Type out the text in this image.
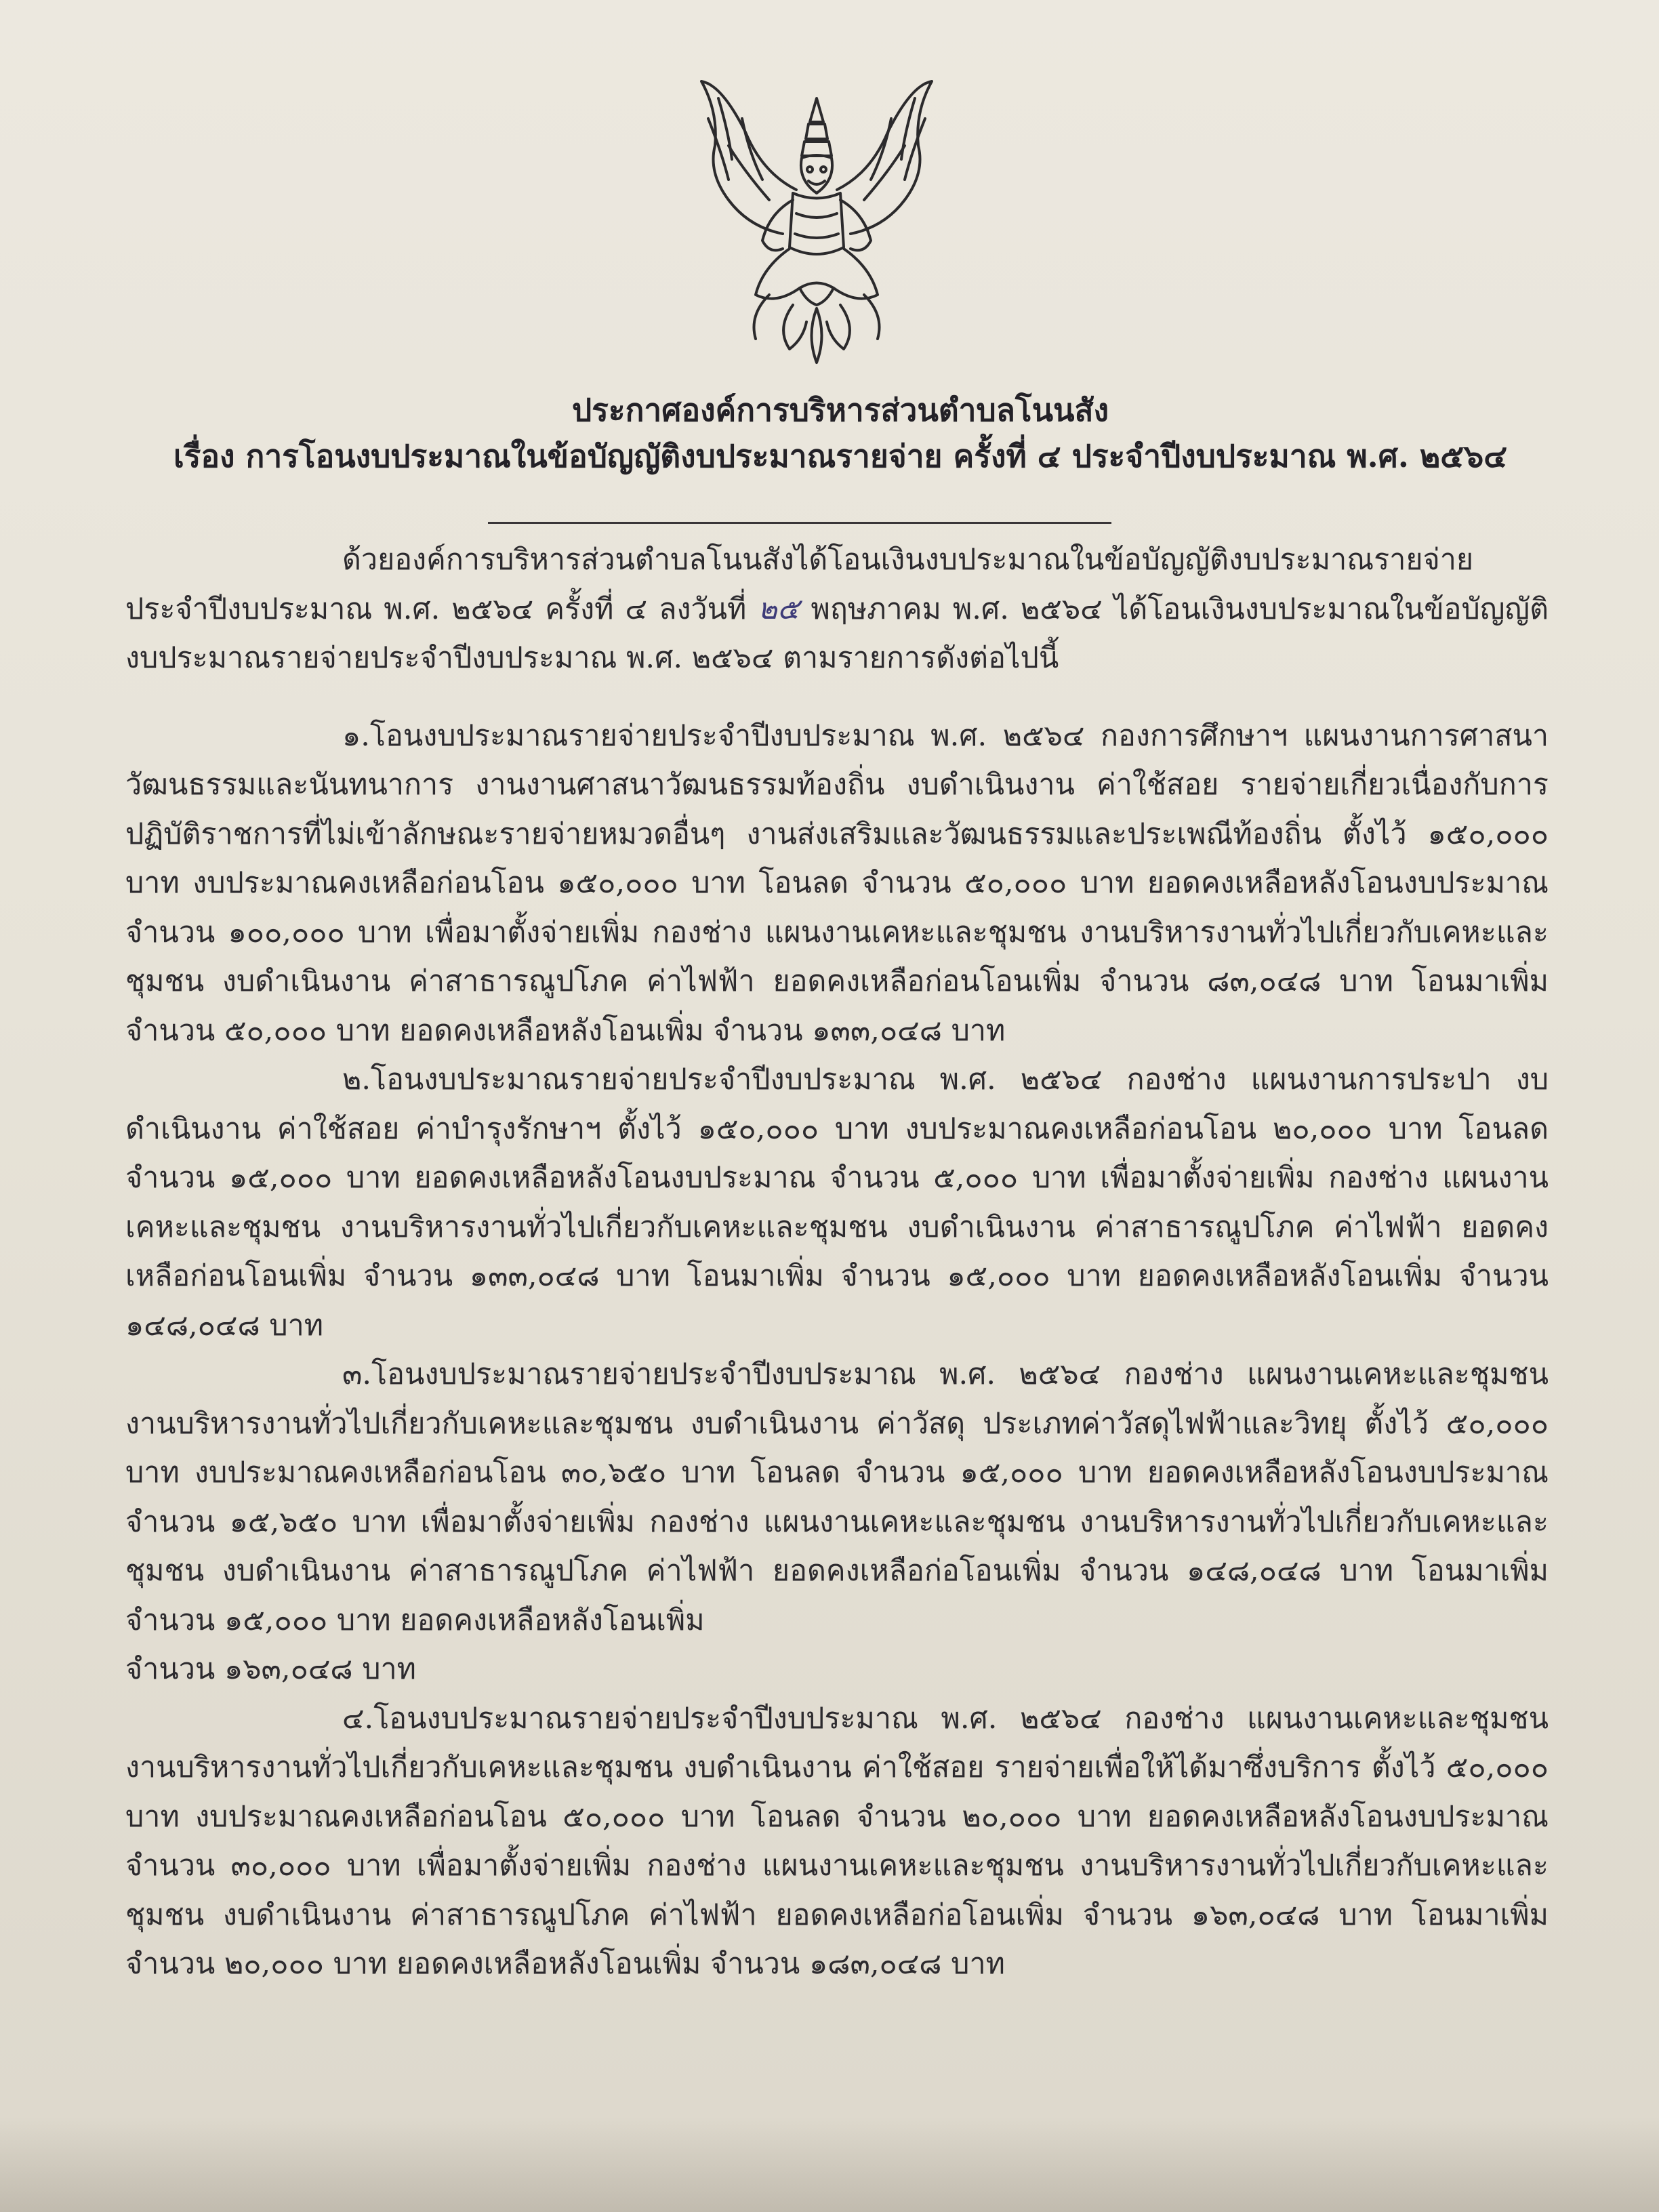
ประกาศองค์การบริหารส่วนตำบลโนนสัง
เรื่อง การโอนงบประมาณในข้อบัญญัติงบประมาณรายจ่าย ครั้งที่ ๔ ประจำปีงบประมาณ พ.ศ. ๒๕๖๔

ด้วยองค์การบริหารส่วนตำบลโนนสังได้โอนเงินงบประมาณในข้อบัญญัติงบประมาณรายจ่าย ประจำปีงบประมาณ พ.ศ. ๒๕๖๔ ครั้งที่ ๔ ลงวันที่ ๒๕ พฤษภาคม พ.ศ. ๒๕๖๔ ได้โอนเงินงบประมาณในข้อบัญญัติงบประมาณรายจ่ายประจำปีงบประมาณ พ.ศ. ๒๕๖๔ ตามรายการดังต่อไปนี้

๑.โอนงบประมาณรายจ่ายประจำปีงบประมาณ พ.ศ. ๒๕๖๔ กองการศึกษาฯ แผนงานการศาสนาวัฒนธรรมและนันทนาการ งานงานศาสนาวัฒนธรรมท้องถิ่น งบดำเนินงาน ค่าใช้สอย รายจ่ายเกี่ยวเนื่องกับการปฏิบัติราชการที่ไม่เข้าลักษณะรายจ่ายหมวดอื่นๆ งานส่งเสริมและวัฒนธรรมและประเพณีท้องถิ่น ตั้งไว้ ๑๕๐,๐๐๐ บาท งบประมาณคงเหลือก่อนโอน ๑๕๐,๐๐๐ บาท โอนลด จำนวน ๕๐,๐๐๐ บาท ยอดคงเหลือหลังโอนงบประมาณ จำนวน ๑๐๐,๐๐๐ บาท เพื่อมาตั้งจ่ายเพิ่ม กองช่าง แผนงานเคหะและชุมชน งานบริหารงานทั่วไปเกี่ยวกับเคหะและชุมชน งบดำเนินงาน ค่าสาธารณูปโภค ค่าไฟฟ้า ยอดคงเหลือก่อนโอนเพิ่ม จำนวน ๘๓,๐๔๘ บาท โอนมาเพิ่ม จำนวน ๕๐,๐๐๐ บาท ยอดคงเหลือหลังโอนเพิ่ม จำนวน ๑๓๓,๐๔๘ บาท

๒.โอนงบประมาณรายจ่ายประจำปีงบประมาณ พ.ศ. ๒๕๖๔ กองช่าง แผนงานการประปา งบดำเนินงาน ค่าใช้สอย ค่าบำรุงรักษาฯ ตั้งไว้ ๑๕๐,๐๐๐ บาท งบประมาณคงเหลือก่อนโอน ๒๐,๐๐๐ บาท โอนลด จำนวน ๑๕,๐๐๐ บาท ยอดคงเหลือหลังโอนงบประมาณ จำนวน ๕,๐๐๐ บาท เพื่อมาตั้งจ่ายเพิ่ม กองช่าง แผนงานเคหะและชุมชน งานบริหารงานทั่วไปเกี่ยวกับเคหะและชุมชน งบดำเนินงาน ค่าสาธารณูปโภค ค่าไฟฟ้า ยอดคงเหลือก่อนโอนเพิ่ม จำนวน ๑๓๓,๐๔๘ บาท โอนมาเพิ่ม จำนวน ๑๕,๐๐๐ บาท ยอดคงเหลือหลังโอนเพิ่ม จำนวน ๑๔๘,๐๔๘ บาท

๓.โอนงบประมาณรายจ่ายประจำปีงบประมาณ พ.ศ. ๒๕๖๔ กองช่าง แผนงานเคหะและชุมชน งานบริหารงานทั่วไปเกี่ยวกับเคหะและชุมชน งบดำเนินงาน ค่าวัสดุ ประเภทค่าวัสดุไฟฟ้าและวิทยุ ตั้งไว้ ๕๐,๐๐๐ บาท งบประมาณคงเหลือก่อนโอน ๓๐,๖๕๐ บาท โอนลด จำนวน ๑๕,๐๐๐ บาท ยอดคงเหลือหลังโอนงบประมาณ จำนวน ๑๕,๖๕๐ บาท เพื่อมาตั้งจ่ายเพิ่ม กองช่าง แผนงานเคหะและชุมชน งานบริหารงานทั่วไปเกี่ยวกับเคหะและชุมชน งบดำเนินงาน ค่าสาธารณูปโภค ค่าไฟฟ้า ยอดคงเหลือก่อโอนเพิ่ม จำนวน ๑๔๘,๐๔๘ บาท โอนมาเพิ่ม จำนวน ๑๕,๐๐๐ บาท ยอดคงเหลือหลังโอนเพิ่ม

จำนวน ๑๖๓,๐๔๘ บาท

๔.โอนงบประมาณรายจ่ายประจำปีงบประมาณ พ.ศ. ๒๕๖๔ กองช่าง แผนงานเคหะและชุมชน งานบริหารงานทั่วไปเกี่ยวกับเคหะและชุมชน งบดำเนินงาน ค่าใช้สอย รายจ่ายเพื่อให้ได้มาซึ่งบริการ ตั้งไว้ ๕๐,๐๐๐ บาท งบประมาณคงเหลือก่อนโอน ๕๐,๐๐๐ บาท โอนลด จำนวน ๒๐,๐๐๐ บาท ยอดคงเหลือหลังโอนงบประมาณ จำนวน ๓๐,๐๐๐ บาท เพื่อมาตั้งจ่ายเพิ่ม กองช่าง แผนงานเคหะและชุมชน งานบริหารงานทั่วไปเกี่ยวกับเคหะและชุมชน งบดำเนินงาน ค่าสาธารณูปโภค ค่าไฟฟ้า ยอดคงเหลือก่อโอนเพิ่ม จำนวน ๑๖๓,๐๔๘ บาท โอนมาเพิ่ม จำนวน ๒๐,๐๐๐ บาท ยอดคงเหลือหลังโอนเพิ่ม จำนวน ๑๘๓,๐๔๘ บาท
